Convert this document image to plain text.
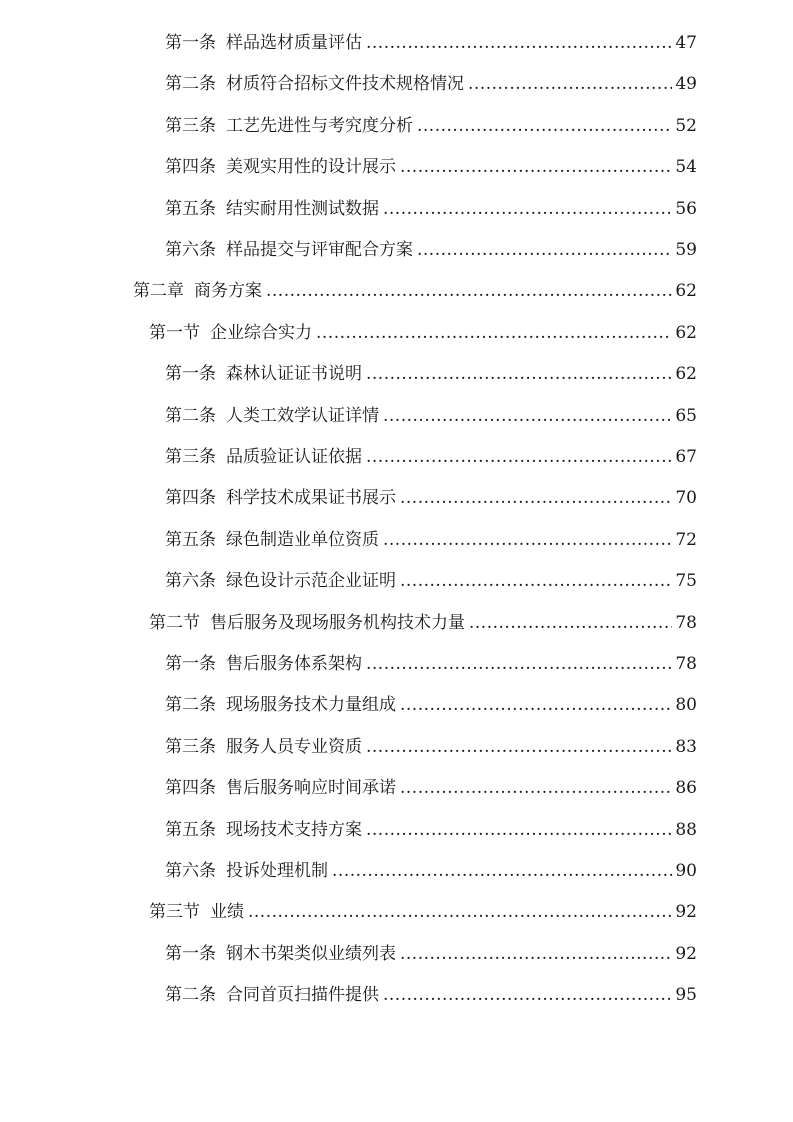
第一条 样品选材质量评估 .....	47
第二条 材质符合招标文件技术规格情况 .....	49
第三条 工艺先进性与考究度分析 .....	52
第四条 美观实用性的设计展示 .....	54
第五条 结实耐用性测试数据 .....	56
第六条 样品提交与评审配合方案 .....	59
第二章 商务方案 .....	62
第一节 企业综合实力 .....	62
第一条 森林认证证书说明 .....	62
第二条 人类工效学认证详情 .....	65
第三条 品质验证认证依据 .....	67
第四条 科学技术成果证书展示 .....	70
第五条 绿色制造业单位资质 .....	72
第六条 绿色设计示范企业证明 .....	75
第二节 售后服务及现场服务机构技术力量 .....	78
第一条 售后服务体系架构 .....	78
第二条 现场服务技术力量组成 .....	80
第三条 服务人员专业资质 .....	83
第四条 售后服务响应时间承诺 .....	86
第五条 现场技术支持方案 .....	88
第六条 投诉处理机制 .....	90
第三节 业绩 .....	92
第一条 钢木书架类似业绩列表 .....	92
第二条 合同首页扫描件提供 .....	95
